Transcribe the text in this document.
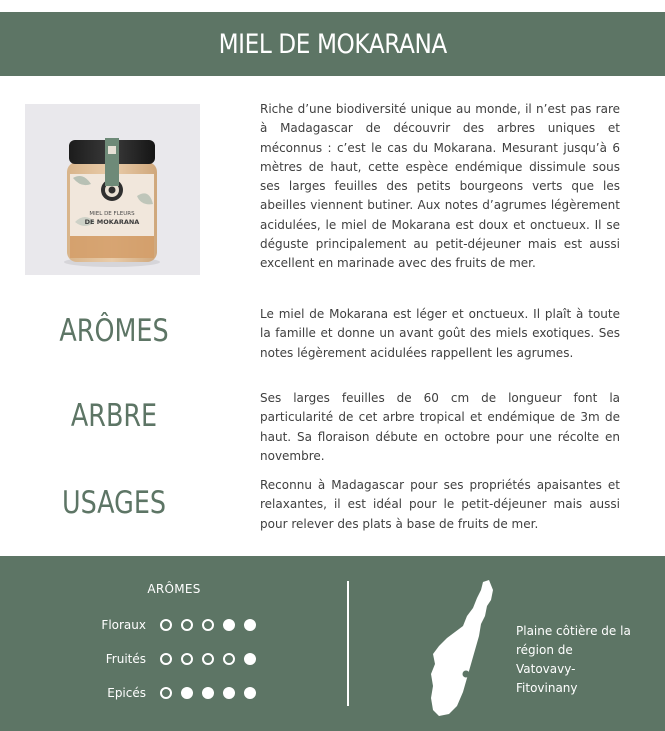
MIEL DE MOKARANA
MIEL DE FLEURS
DE MOKARANA

Riche d’une biodiversité unique au monde, il n’est pas rare à Madagascar de découvrir des arbres uniques et méconnus : c’est le cas du Mokarana. Mesurant jusqu’à 6 mètres de haut, cette espèce endémique dissimule sous ses larges feuilles des petits bourgeons verts que les abeilles viennent butiner. Aux notes d’agrumes légèrement acidulées, le miel de Mokarana est doux et onctueux. Il se déguste principalement au petit-déjeuner mais est aussi excellent en marinade avec des fruits de mer.

ARÔMES	Le miel de Mokarana est léger et onctueux. Il plaît à toute la famille et donne un avant goût des miels exotiques. Ses notes légèrement acidulées rappellent les agrumes.

ARBRE	Ses larges feuilles de 60 cm de longueur font la particularité de cet arbre tropical et endémique de 3m de haut. Sa floraison débute en octobre pour une récolte en novembre.

USAGES	Reconnu à Madagascar pour ses propriétés apaisantes et relaxantes, il est idéal pour le petit-déjeuner mais aussi pour relever des plats à base de fruits de mer.

ARÔMES
Floraux
Fruités
Epicés
Plaine côtière de la région de Vatovavy-Fitovinany
